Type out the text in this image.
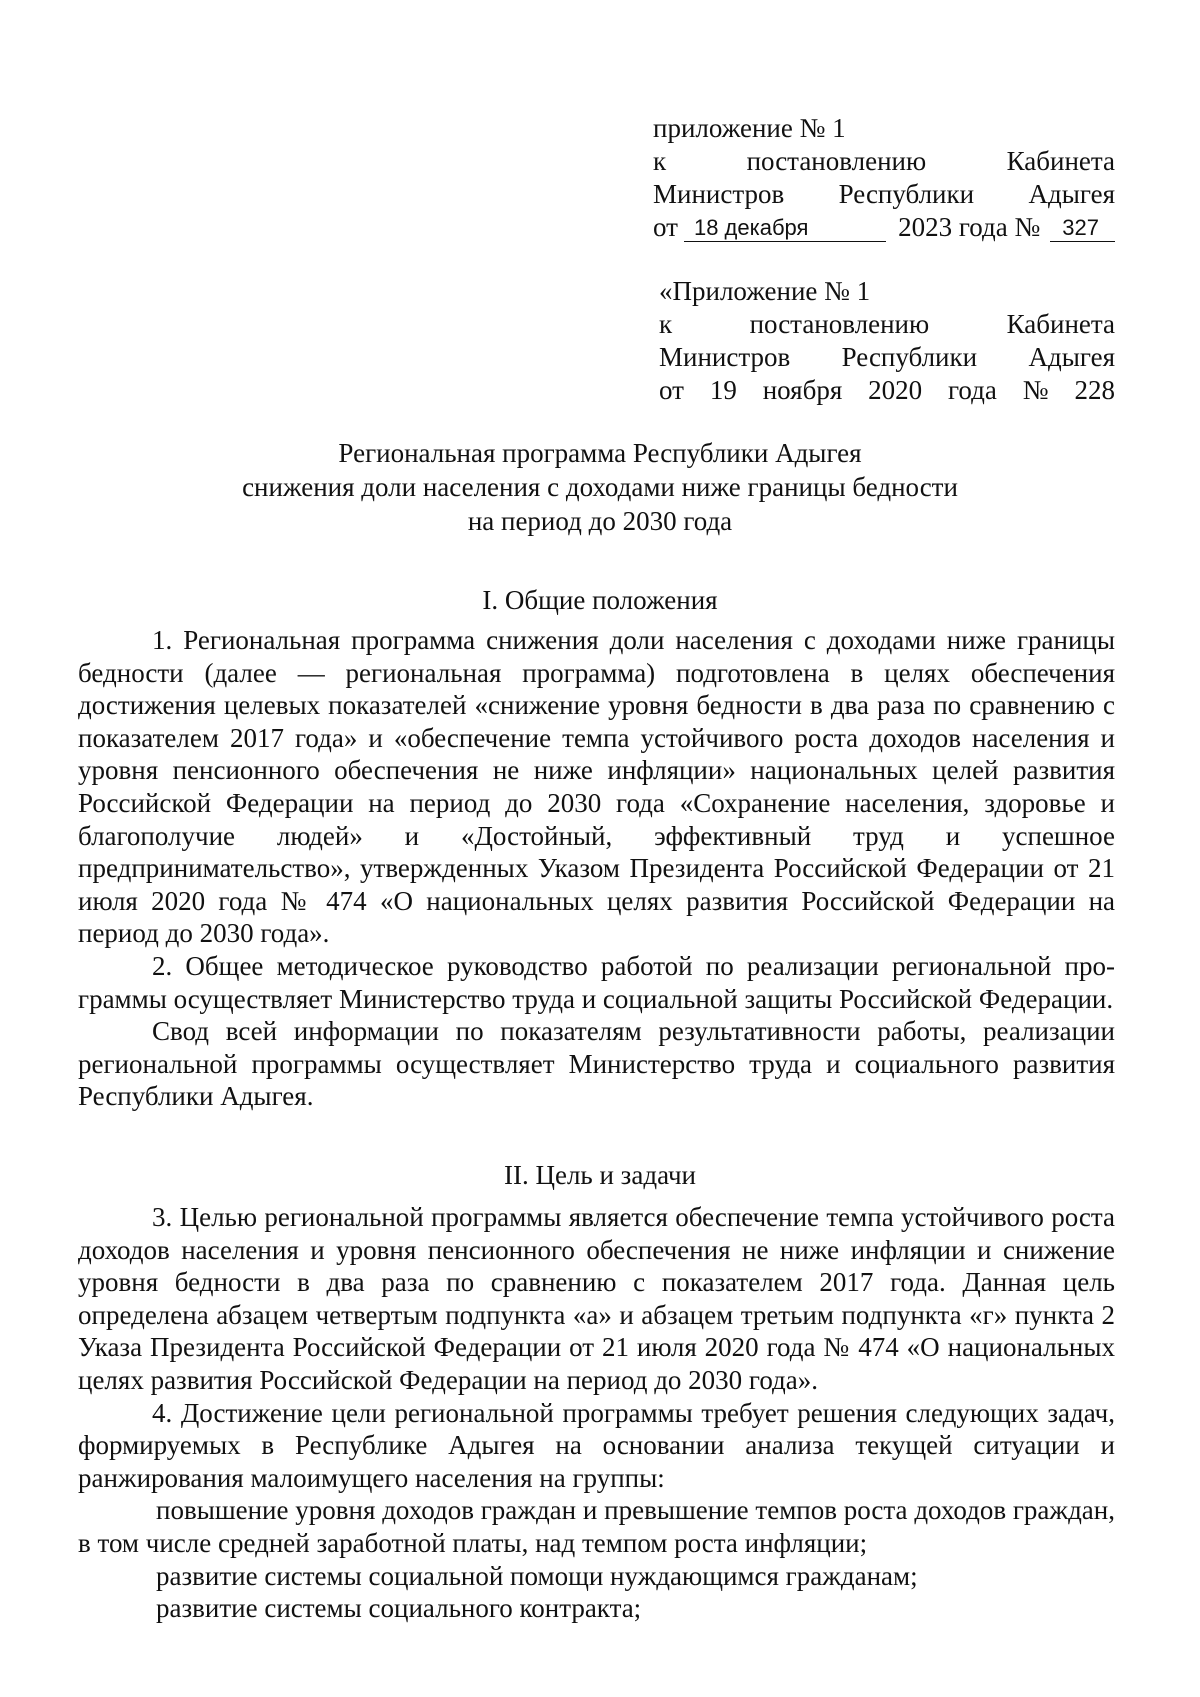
приложение № 1
к	постановлению	Кабинета
Министров Республики Адыгея
от 18 декабря	2023 года №	327
«Приложение № 1
к	постановлению	Кабинета
Министров Республики Адыгея
от 19 ноября 2020 года № 228
Региональная программа Республики Адыгея
снижения доли населения с доходами ниже границы бедности
на период до 2030 года
I. Общие положения

1. Региональная программа снижения доли населения с доходами ниже границы бедности (далее — региональная программа) подготовлена в целях обеспечения достижения целевых показателей «снижение уровня бедности в два раза по сравнению с показателем 2017 года» и «обеспечение темпа устойчивого роста доходов населения и уровня пенсионного обеспечения не ниже инфляции» национальных целей развития Российской Федерации на период до 2030 года «Сохранение населения, здоровье и благополучие людей» и «Достойный, эффективный труд и успешное предпринимательство», утвержденных Указом Президента Российской Федерации от 21 июля 2020 года № 474 «О национальных целях развития Российской Федерации на период до 2030 года».

2. Общее методическое руководство работой по реализации региональной программы осуществляет Министерство труда и социальной защиты Российской Федерации.

Свод всей информации по показателям результативности работы, реализации региональной программы осуществляет Министерство труда и социального развития Республики Адыгея.

II. Цель и задачи

3. Целью региональной программы является обеспечение темпа устойчивого роста доходов населения и уровня пенсионного обеспечения не ниже инфляции и снижение уровня бедности в два раза по сравнению с показателем 2017 года. Данная цель определена абзацем четвертым подпункта «а» и абзацем третьим подпункта «г» пункта 2 Указа Президента Российской Федерации от 21 июля 2020 года № 474 «О национальных целях развития Российской Федерации на период до 2030 года».

4. Достижение цели региональной программы требует решения следующих задач, формируемых в Республике Адыгея на основании анализа текущей ситуации и ранжирования малоимущего населения на группы:

повышение уровня доходов граждан и превышение темпов роста доходов граждан, в том числе средней заработной платы, над темпом роста инфляции;

развитие системы социальной помощи нуждающимся гражданам;

развитие системы социального контракта;
